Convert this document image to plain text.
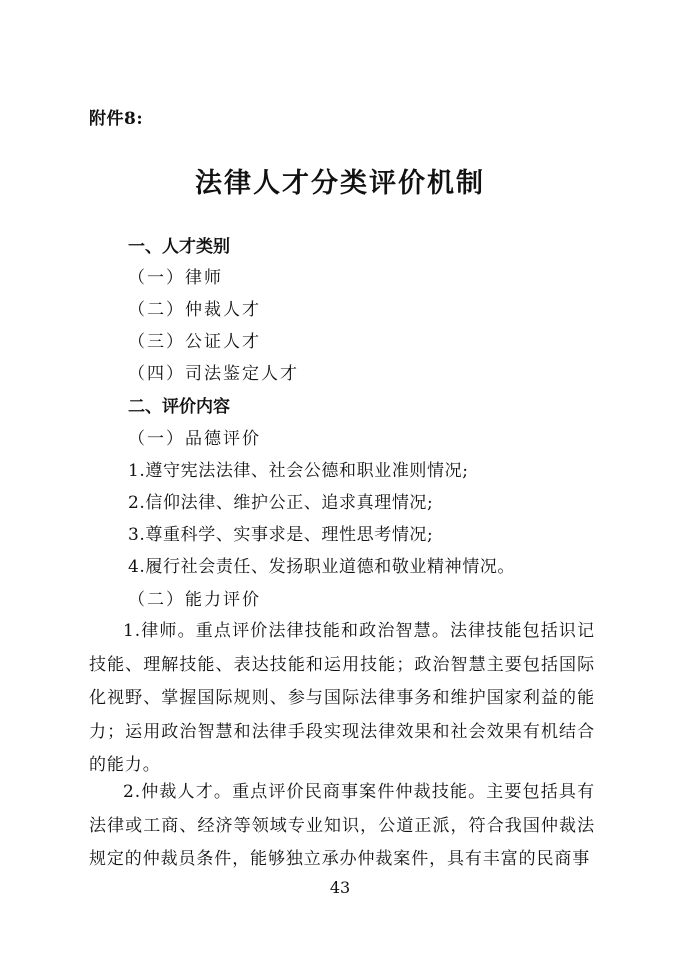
附件8:
法律人才分类评价机制
一、人才类别
（一）律师
（二）仲裁人才
（三）公证人才
（四）司法鉴定人才
二、评价内容
（一）品德评价
1.遵守宪法法律、社会公德和职业准则情况;
2.信仰法律、维护公正、追求真理情况;
3.尊重科学、实事求是、理性思考情况;
4.履行社会责任、发扬职业道德和敬业精神情况。
（二）能力评价
1.律师。重点评价法律技能和政治智慧。法律技能包括识记技能、理解技能、表达技能和运用技能；政治智慧主要包括国际化视野、掌握国际规则、参与国际法律事务和维护国家利益的能力；运用政治智慧和法律手段实现法律效果和社会效果有机结合的能力。
2.仲裁人才。重点评价民商事案件仲裁技能。主要包括具有法律或工商、经济等领域专业知识，公道正派，符合我国仲裁法规定的仲裁员条件，能够独立承办仲裁案件，具有丰富的民商事
43
